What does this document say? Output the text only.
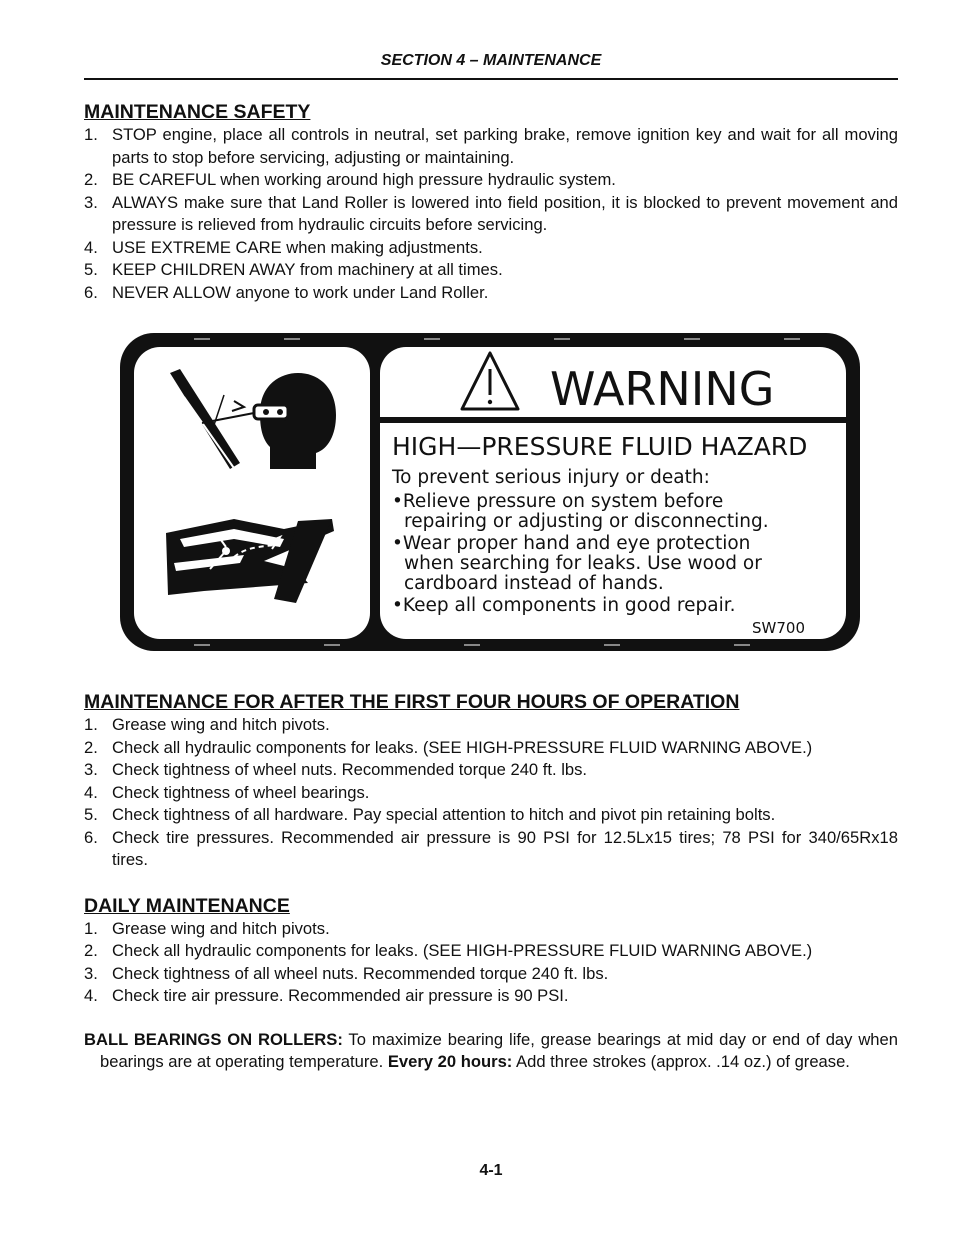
SECTION 4 – MAINTENANCE
MAINTENANCE SAFETY
1. STOP engine, place all controls in neutral, set parking brake, remove ignition key and wait for all moving parts to stop before servicing, adjusting or maintaining.
2. BE CAREFUL when working around high pressure hydraulic system.
3. ALWAYS make sure that Land Roller is lowered into field position, it is blocked to prevent movement and pressure is relieved from hydraulic circuits before servicing.
4. USE EXTREME CARE when making adjustments.
5. KEEP CHILDREN AWAY from machinery at all times.
6. NEVER ALLOW anyone to work under Land Roller.
WARNING
HIGH—PRESSURE FLUID HAZARD
To prevent serious injury or death:
•Relieve pressure on system before
repairing or adjusting or disconnecting.
•Wear proper hand and eye protection
when searching for leaks. Use wood or
cardboard instead of hands.
•Keep all components in good repair.
SW700
MAINTENANCE FOR AFTER THE FIRST FOUR HOURS OF OPERATION
1. Grease wing and hitch pivots.
2. Check all hydraulic components for leaks. (SEE HIGH-PRESSURE FLUID WARNING ABOVE.)
3. Check tightness of wheel nuts. Recommended torque 240 ft. lbs.
4. Check tightness of wheel bearings.
5. Check tightness of all hardware. Pay special attention to hitch and pivot pin retaining bolts.
6. Check tire pressures. Recommended air pressure is 90 PSI for 12.5Lx15 tires; 78 PSI for 340/65Rx18 tires.
DAILY MAINTENANCE
1. Grease wing and hitch pivots.
2. Check all hydraulic components for leaks. (SEE HIGH-PRESSURE FLUID WARNING ABOVE.)
3. Check tightness of all wheel nuts. Recommended torque 240 ft. lbs.
4. Check tire air pressure. Recommended air pressure is 90 PSI.

BALL BEARINGS ON ROLLERS: To maximize bearing life, grease bearings at mid day or end of day when bearings are at operating temperature. Every 20 hours: Add three strokes (approx. .14 oz.) of grease.

4-1
